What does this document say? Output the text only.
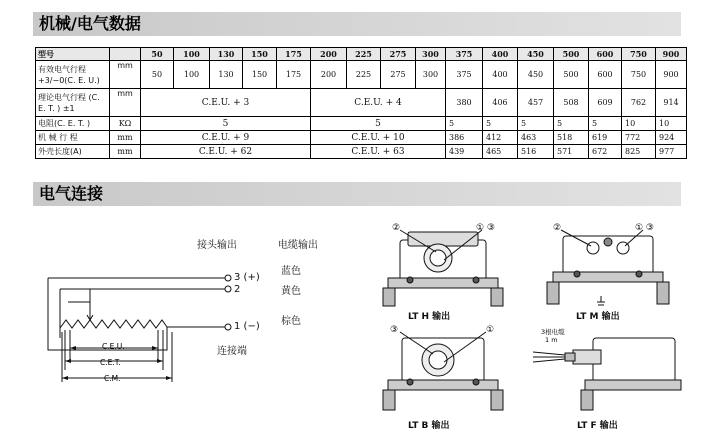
机械/电气数据
型号		50	100	130	150	175	200	225	275	300	375	400	450	500	600	750	900
有效电气行程 +3/−0(C. E. U.)	mm	50	100	130	150	175	200	225	275	300	375	400	450	500	600	750	900
理论电气行程 (C. E. T. ) ±1	mm	C.E.U. + 3					C.E.U. + 4				380	406	457	508	609	762	914
电阻(C. E. T. )	KΩ	5					5				5	5	5	5	5	10	10
机 械 行 程	mm	C.E.U. + 9					C.E.U. + 10				386	412	463	518	619	772	924
外壳长度(A)	mm	C.E.U. + 62					C.E.U. + 63				439	465	516	571	672	825	977
电气连接
C.E.U.
C.E.T.
C.M.
接头输出	电缆输出
3 (+)
2
1 (−)
蓝色
黄色
棕色
连接端
②	① ③
LT H 输出
②	① ③
LT M 输出
③	①
LT B 输出
3根电缆
1 m
LT F 输出
